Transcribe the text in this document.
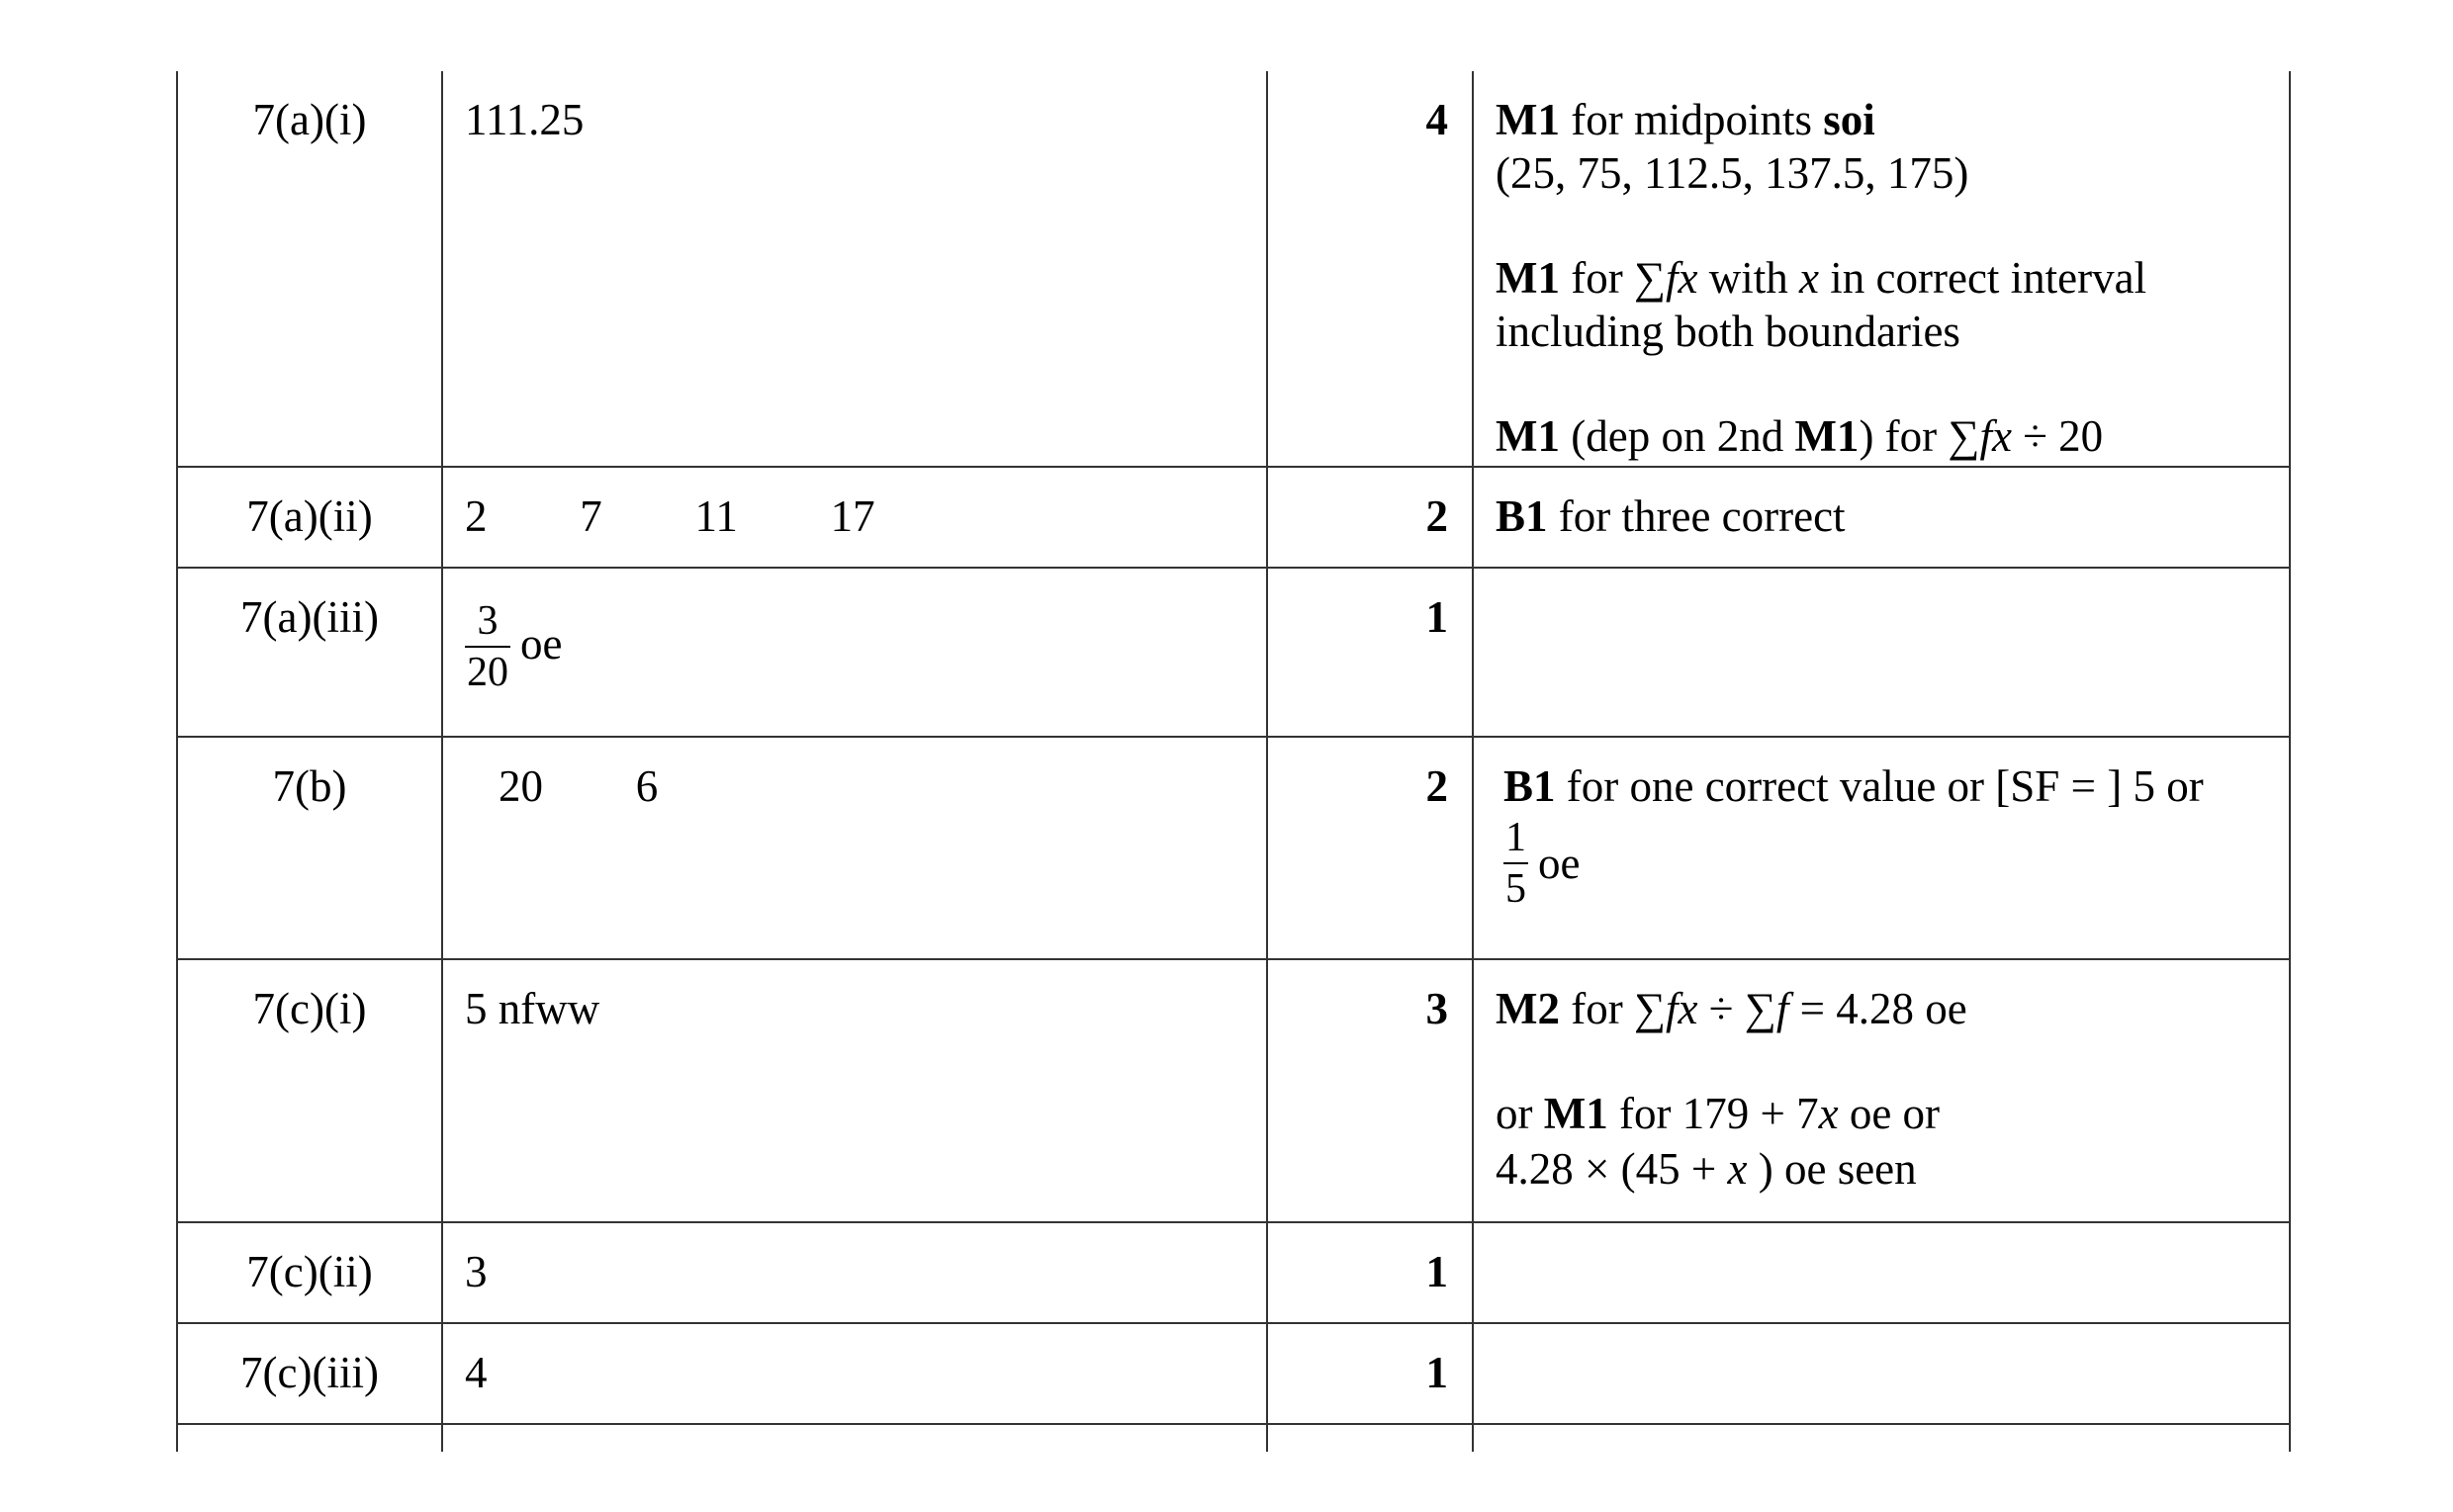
7(a)(i)	111.25	4	M1 for midpoints soi
(25, 75, 112.5, 137.5, 175)
M1 for ∑fx with x in correct interval
including both boundaries
M1 (dep on 2nd M1) for ∑fx ÷ 20

7(a)(ii)	2   7   11   17	2	B1 for three correct
7(a)(iii)	$\frac{3}{20}$ oe	1	
7(b)	20   6	2	B1 for one correct value or [SF = ] 5 or
$\frac{1}{5}$ oe
7(c)(i)	5 nfww	3	M2 for ∑fx ÷ ∑f = 4.28 oe
or M1 for 179 + 7x oe or
4.28 × (45 + x ) oe seen

7(c)(ii)	3	1	
7(c)(iii)	4	1	
